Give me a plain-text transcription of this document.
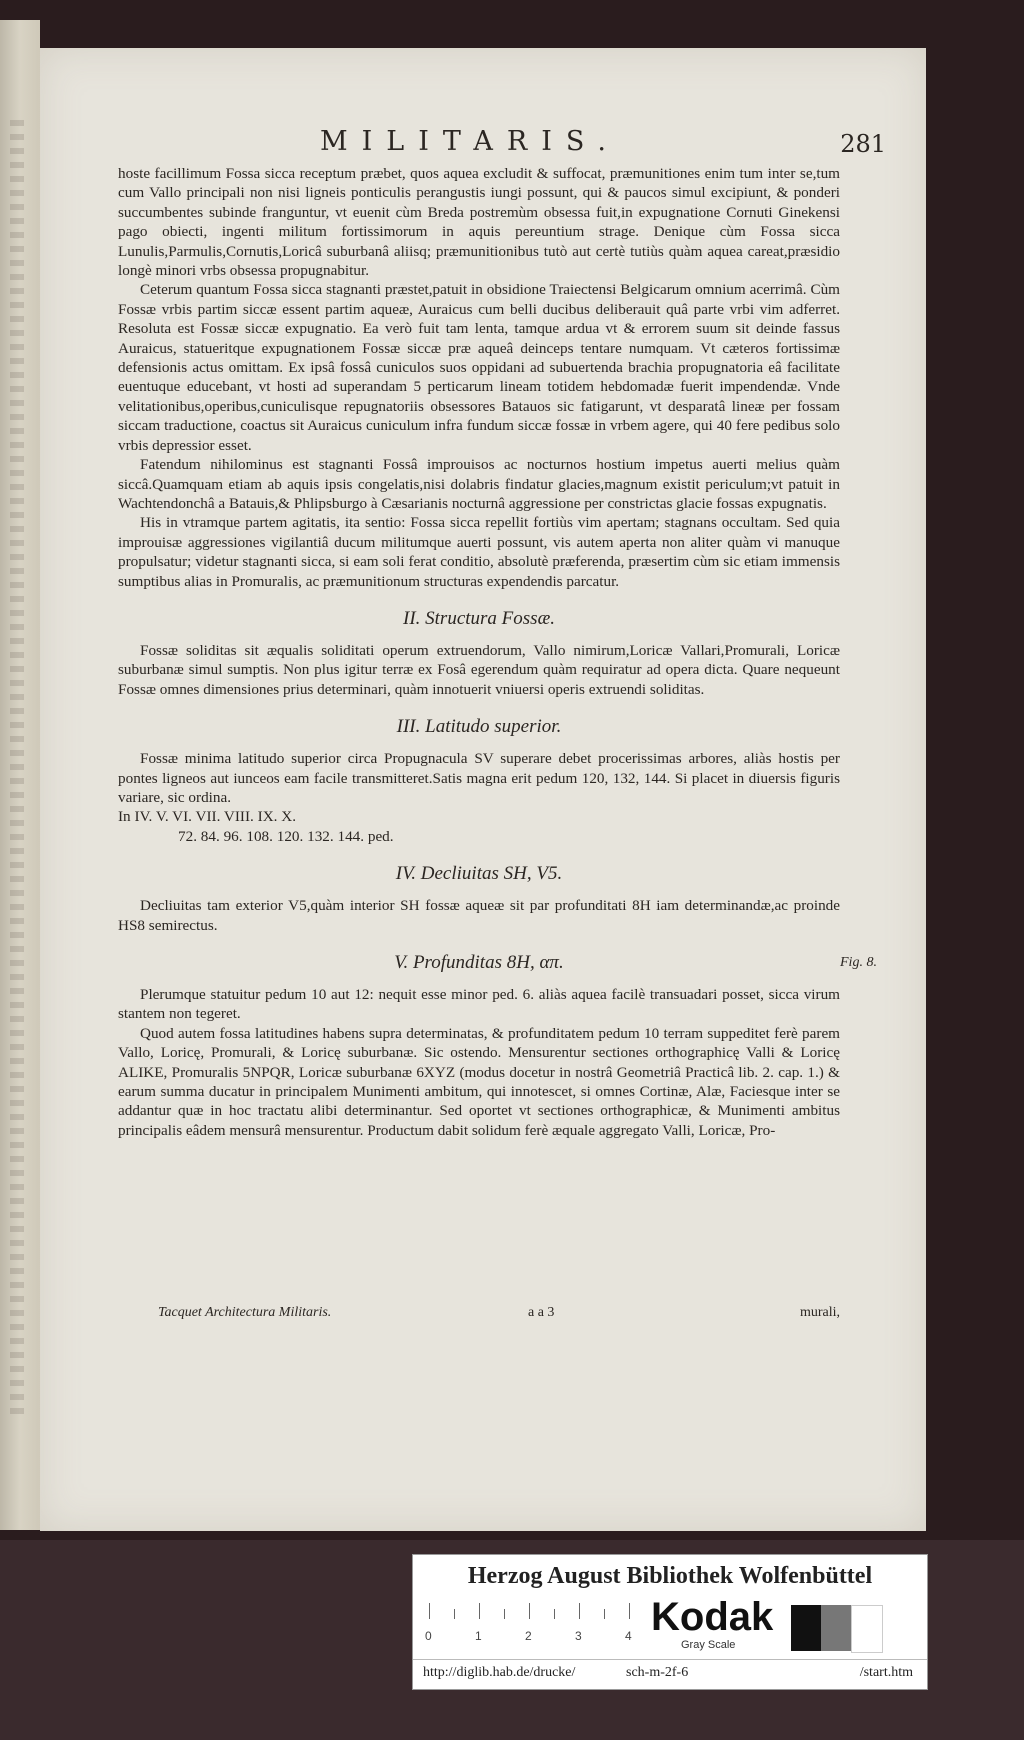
MILITARIS.	281

hoste facillimum Fossa sicca receptum præbet, quos aquea excludit & suffocat, præmunitiones enim tum inter se,tum cum Vallo principali non nisi ligneis ponticulis perangustis iungi possunt, qui & paucos simul excipiunt, & ponderi succumbentes subinde franguntur, vt euenit cùm Breda postremùm obsessa fuit,in expugnatione Cornuti Ginekensi pago obiecti, ingenti militum fortissimorum in aquis pereuntium strage. Denique cùm Fossa sicca Lunulis,Parmulis,Cornutis,Loricâ suburbanâ aliisq; præmunitionibus tutò aut certè tutiùs quàm aquea careat,præsidio longè minori vrbs obsessa propugnabitur.

Ceterum quantum Fossa sicca stagnanti præstet,patuit in obsidione Traiectensi Belgicarum omnium acerrimâ. Cùm Fossæ vrbis partim siccæ essent partim aqueæ, Auraicus cum belli ducibus deliberauit quâ parte vrbi vim adferret. Resoluta est Fossæ siccæ expugnatio. Ea verò fuit tam lenta, tamque ardua vt & errorem suum sit deinde fassus Auraicus, statueritque expugnationem Fossæ siccæ præ aqueâ deinceps tentare numquam. Vt cæteros fortissimæ defensionis actus omittam. Ex ipsâ fossâ cuniculos suos oppidani ad subuertenda brachia propugnatoria eâ facilitate euentuque educebant, vt hosti ad superandam 5 perticarum lineam totidem hebdomadæ fuerit impendendæ. Vnde velitationibus,operibus,cuniculisque repugnatoriis obsessores Batauos sic fatigarunt, vt desparatâ lineæ per fossam siccam traductione, coactus sit Auraicus cuniculum infra fundum siccæ fossæ in vrbem agere, qui 40 fere pedibus solo vrbis depressior esset.

Fatendum nihilominus est stagnanti Fossâ improuisos ac nocturnos hostium impetus auerti melius quàm siccâ.Quamquam etiam ab aquis ipsis congelatis,nisi dolabris findatur glacies,magnum existit periculum;vt patuit in Wachtendonchâ a Batauis,& Phlipsburgo à Cæsarianis nocturnâ aggressione per constrictas glacie fossas expugnatis.

His in vtramque partem agitatis, ita sentio: Fossa sicca repellit fortiùs vim apertam; stagnans occultam. Sed quia improuisæ aggressiones vigilantiâ ducum militumque auerti possunt, vis autem aperta non aliter quàm vi manuque propulsatur; videtur stagnanti sicca, si eam soli ferat conditio, absolutè præferenda, præsertim cùm sic etiam immensis sumptibus alias in Promuralis, ac præmunitionum structuras expendendis parcatur.

II. Structura Fossæ.

Fossæ soliditas sit æqualis soliditati operum extruendorum, Vallo nimirum,Loricæ Vallari,Promurali, Loricæ suburbanæ simul sumptis. Non plus igitur terræ ex Fosâ egerendum quàm requiratur ad opera dicta. Quare nequeunt Fossæ omnes dimensiones prius determinari, quàm innotuerit vniuersi operis extruendi soliditas.

III. Latitudo superior.

Fossæ minima latitudo superior circa Propugnacula SV superare debet procerissimas arbores, aliàs hostis per pontes ligneos aut iunceos eam facile transmitteret.Satis magna erit pedum 120, 132, 144. Si placet in diuersis figuris variare, sic ordina.

In IV. V. VI. VII. VIII. IX. X.

72. 84. 96. 108. 120. 132. 144. ped.

IV. Decliuitas SH, V5.

Decliuitas tam exterior V5,quàm interior SH fossæ aqueæ sit par profunditati 8H iam determinandæ,ac proinde HS8 semirectus.

V. Profunditas 8H, απ.

Plerumque statuitur pedum 10 aut 12: nequit esse minor ped. 6. aliàs aquea facilè transuadari posset, sicca virum stantem non tegeret.

Quod autem fossa latitudines habens supra determinatas, & profunditatem pedum 10 terram suppeditet ferè parem Vallo, Loricę, Promurali, & Loricę suburbanæ. Sic ostendo. Mensurentur sectiones orthographicę Valli & Loricę ALIKE, Promuralis 5NPQR, Loricæ suburbanæ 6XYZ (modus docetur in nostrâ Geometriâ Practicâ lib. 2. cap. 1.) & earum summa ducatur in principalem Munimenti ambitum, qui innotescet, si omnes Cortinæ, Alæ, Faciesque inter se addantur quæ in hoc tractatu alibi determinantur. Sed oportet vt sectiones orthographicæ, & Munimenti ambitus principalis eâdem mensurâ mensurentur. Productum dabit solidum ferè æquale aggregato Valli, Loricæ, Pro-

Fig. 8.
Tacquet Architectura Militaris.	a a 3	murali,
Herzog August Bibliothek Wolfenbüttel
0	1	2	3	4 Kodak
Gray Scale
http://diglib.hab.de/drucke/	sch-m-2f-6	/start.htm
